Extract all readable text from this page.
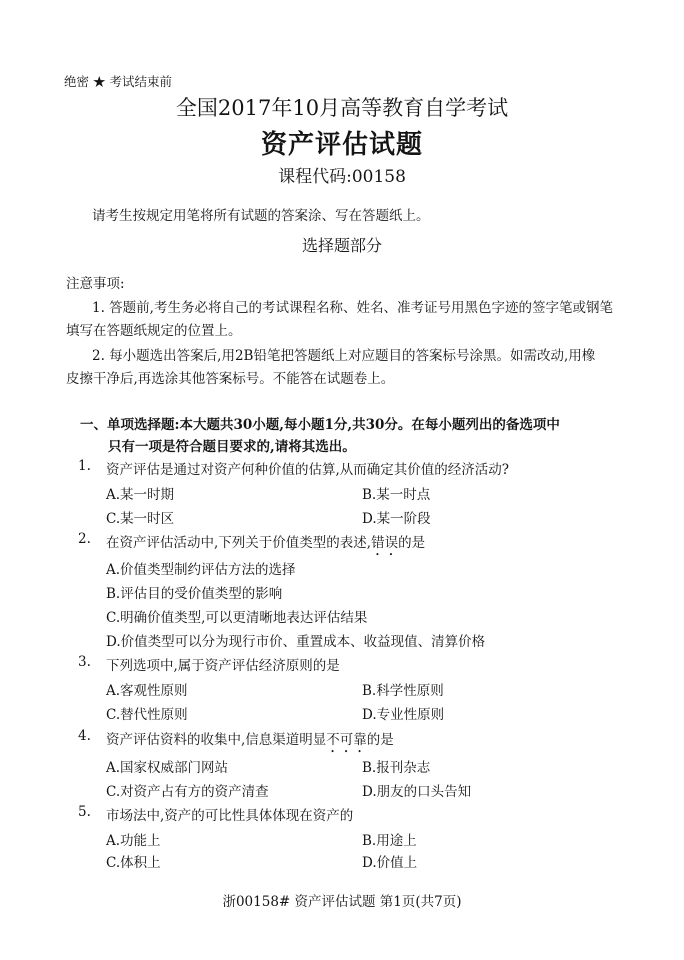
绝密 ★ 考试结束前
全国2017年10月高等教育自学考试
资产评估试题
课程代码:00158
请考生按规定用笔将所有试题的答案涂、写在答题纸上。
选择题部分
注意事项:
1. 答题前,考生务必将自己的考试课程名称、姓名、准考证号用黑色字迹的签字笔或钢笔
填写在答题纸规定的位置上。
2. 每小题选出答案后,用2B铅笔把答题纸上对应题目的答案标号涂黑。如需改动,用橡
皮擦干净后,再选涂其他答案标号。不能答在试题卷上。
一、单项选择题:本大题共30小题,每小题1分,共30分。在每小题列出的备选项中
只有一项是符合题目要求的,请将其选出。
1. 资产评估是通过对资产何种价值的估算,从而确定其价值的经济活动?
A.某一时期	B.某一时点
C.某一时区	D.某一阶段
2. 在资产评估活动中,下列关于价值类型的表述,错误的是
A.价值类型制约评估方法的选择
B.评估目的受价值类型的影响
C.明确价值类型,可以更清晰地表达评估结果
D.价值类型可以分为现行市价、重置成本、收益现值、清算价格
3. 下列选项中,属于资产评估经济原则的是
A.客观性原则	B.科学性原则
C.替代性原则	D.专业性原则
4. 资产评估资料的收集中,信息渠道明显不可靠的是
A.国家权威部门网站	B.报刊杂志
C.对资产占有方的资产清查	D.朋友的口头告知
5. 市场法中,资产的可比性具体体现在资产的
A.功能上	B.用途上
C.体积上	D.价值上
浙00158# 资产评估试题 第1页(共7页)
